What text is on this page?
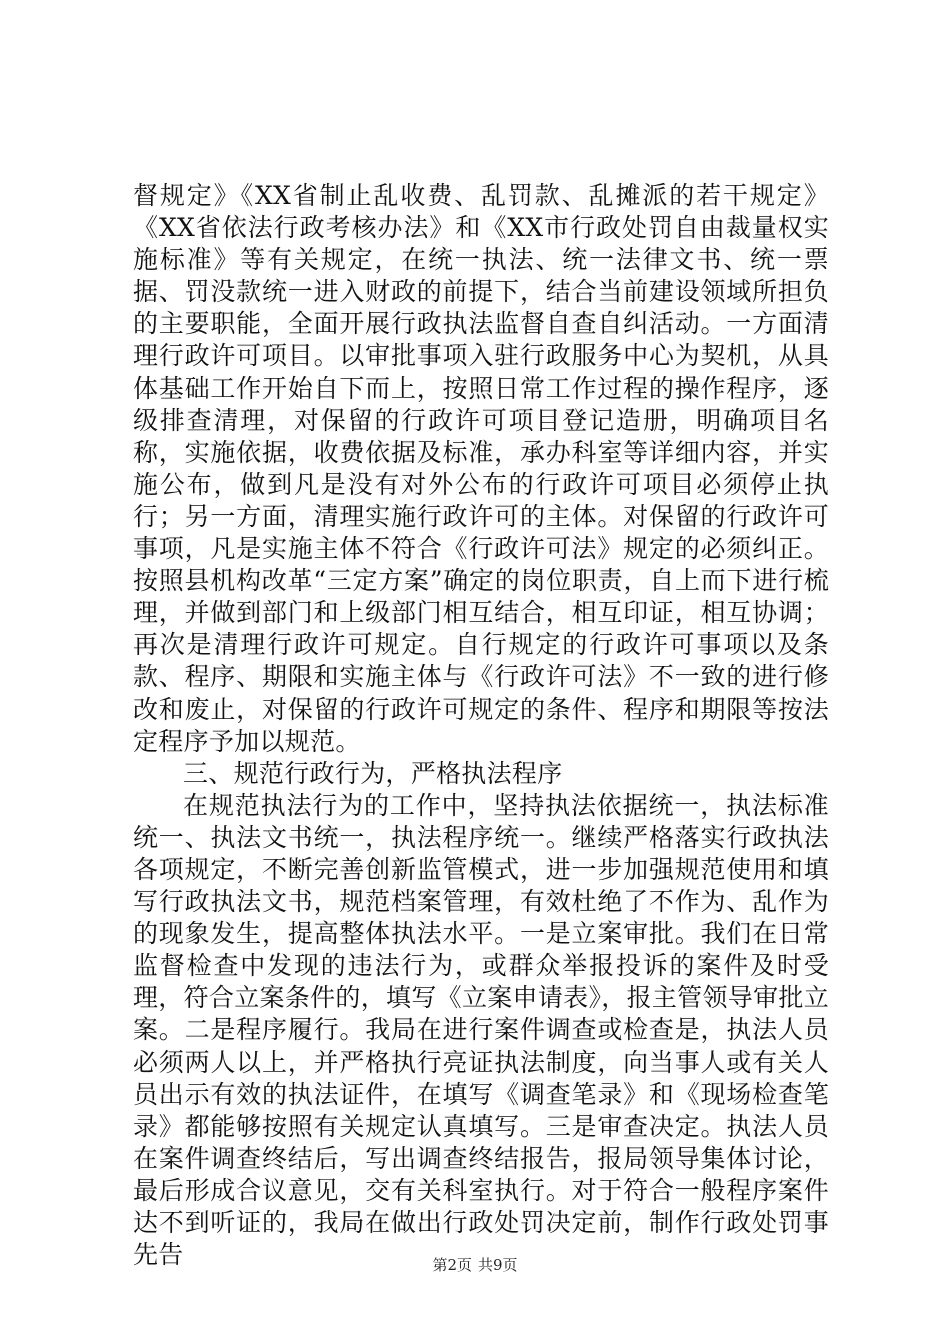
督规定》《XX省制止乱收费、乱罚款、乱摊派的若干规定》《XX省依法行政考核办法》和《XX市行政处罚自由裁量权实施标准》等有关规定，在统一执法、统一法律文书、统一票据、罚没款统一进入财政的前提下，结合当前建设领域所担负的主要职能，全面开展行政执法监督自查自纠活动。一方面清理行政许可项目。以审批事项入驻行政服务中心为契机，从具体基础工作开始自下而上，按照日常工作过程的操作程序，逐级排查清理，对保留的行政许可项目登记造册，明确项目名称，实施依据，收费依据及标准，承办科室等详细内容，并实施公布，做到凡是没有对外公布的行政许可项目必须停止执行；另一方面，清理实施行政许可的主体。对保留的行政许可事项，凡是实施主体不符合《行政许可法》规定的必须纠正。按照县机构改革“三定方案”确定的岗位职责，自上而下进行梳理，并做到部门和上级部门相互结合，相互印证，相互协调；再次是清理行政许可规定。自行规定的行政许可事项以及条款、程序、期限和实施主体与《行政许可法》不一致的进行修改和废止，对保留的行政许可规定的条件、程序和期限等按法定程序予加以规范。

三、规范行政行为，严格执法程序

在规范执法行为的工作中，坚持执法依据统一，执法标准统一、执法文书统一，执法程序统一。继续严格落实行政执法各项规定，不断完善创新监管模式，进一步加强规范使用和填写行政执法文书，规范档案管理，有效杜绝了不作为、乱作为的现象发生，提高整体执法水平。一是立案审批。我们在日常监督检查中发现的违法行为，或群众举报投诉的案件及时受理，符合立案条件的，填写《立案申请表》，报主管领导审批立案。二是程序履行。我局在进行案件调查或检查是，执法人员必须两人以上，并严格执行亮证执法制度，向当事人或有关人员出示有效的执法证件，在填写《调查笔录》和《现场检查笔录》都能够按照有关规定认真填写。三是审查决定。执法人员在案件调查终结后，写出调查终结报告，报局领导集体讨论，最后形成合议意见，交有关科室执行。对于符合一般程序案件达不到听证的，我局在做出行政处罚决定前，制作行政处罚事先告	第2页 共9页
